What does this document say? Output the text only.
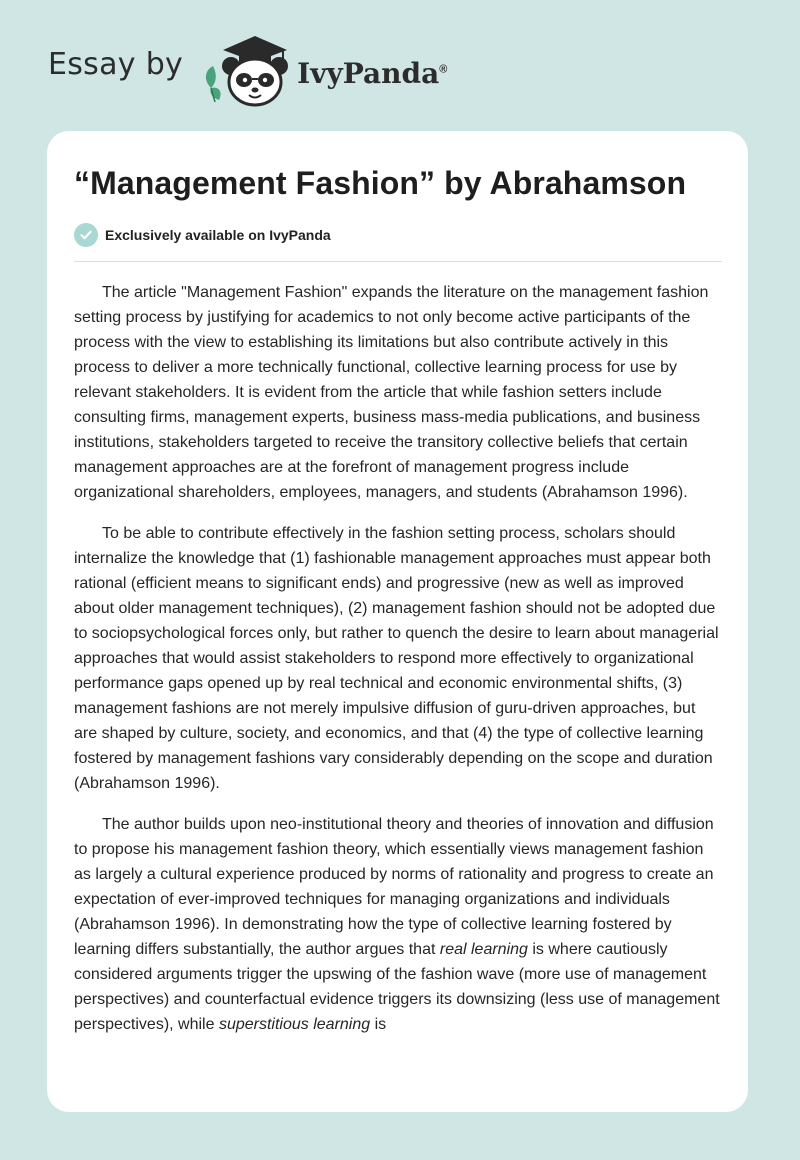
Essay by	IvyPanda®
“Management Fashion” by Abrahamson
Exclusively available on IvyPanda

The article "Management Fashion" expands the literature on the management fashion setting process by justifying for academics to not only become active participants of the process with the view to establishing its limitations but also contribute actively in this process to deliver a more technically functional, collective learning process for use by relevant stakeholders. It is evident from the article that while fashion setters include consulting firms, management experts, business mass-media publications, and business institutions, stakeholders targeted to receive the transitory collective beliefs that certain management approaches are at the forefront of management progress include organizational shareholders, employees, managers, and students (Abrahamson 1996).

To be able to contribute effectively in the fashion setting process, scholars should internalize the knowledge that (1) fashionable management approaches must appear both rational (efficient means to significant ends) and progressive (new as well as improved about older management techniques), (2) management fashion should not be adopted due to sociopsychological forces only, but rather to quench the desire to learn about managerial approaches that would assist stakeholders to respond more effectively to organizational performance gaps opened up by real technical and economic environmental shifts, (3) management fashions are not merely impulsive diffusion of guru-driven approaches, but are shaped by culture, society, and economics, and that (4) the type of collective learning fostered by management fashions vary considerably depending on the scope and duration (Abrahamson 1996).

The author builds upon neo-institutional theory and theories of innovation and diffusion to propose his management fashion theory, which essentially views management fashion as largely a cultural experience produced by norms of rationality and progress to create an expectation of ever-improved techniques for managing organizations and individuals (Abrahamson 1996). In demonstrating how the type of collective learning fostered by learning differs substantially, the author argues that real learning is where cautiously considered arguments trigger the upswing of the fashion wave (more use of management perspectives) and counterfactual evidence triggers its downsizing (less use of management perspectives), while superstitious learning is
